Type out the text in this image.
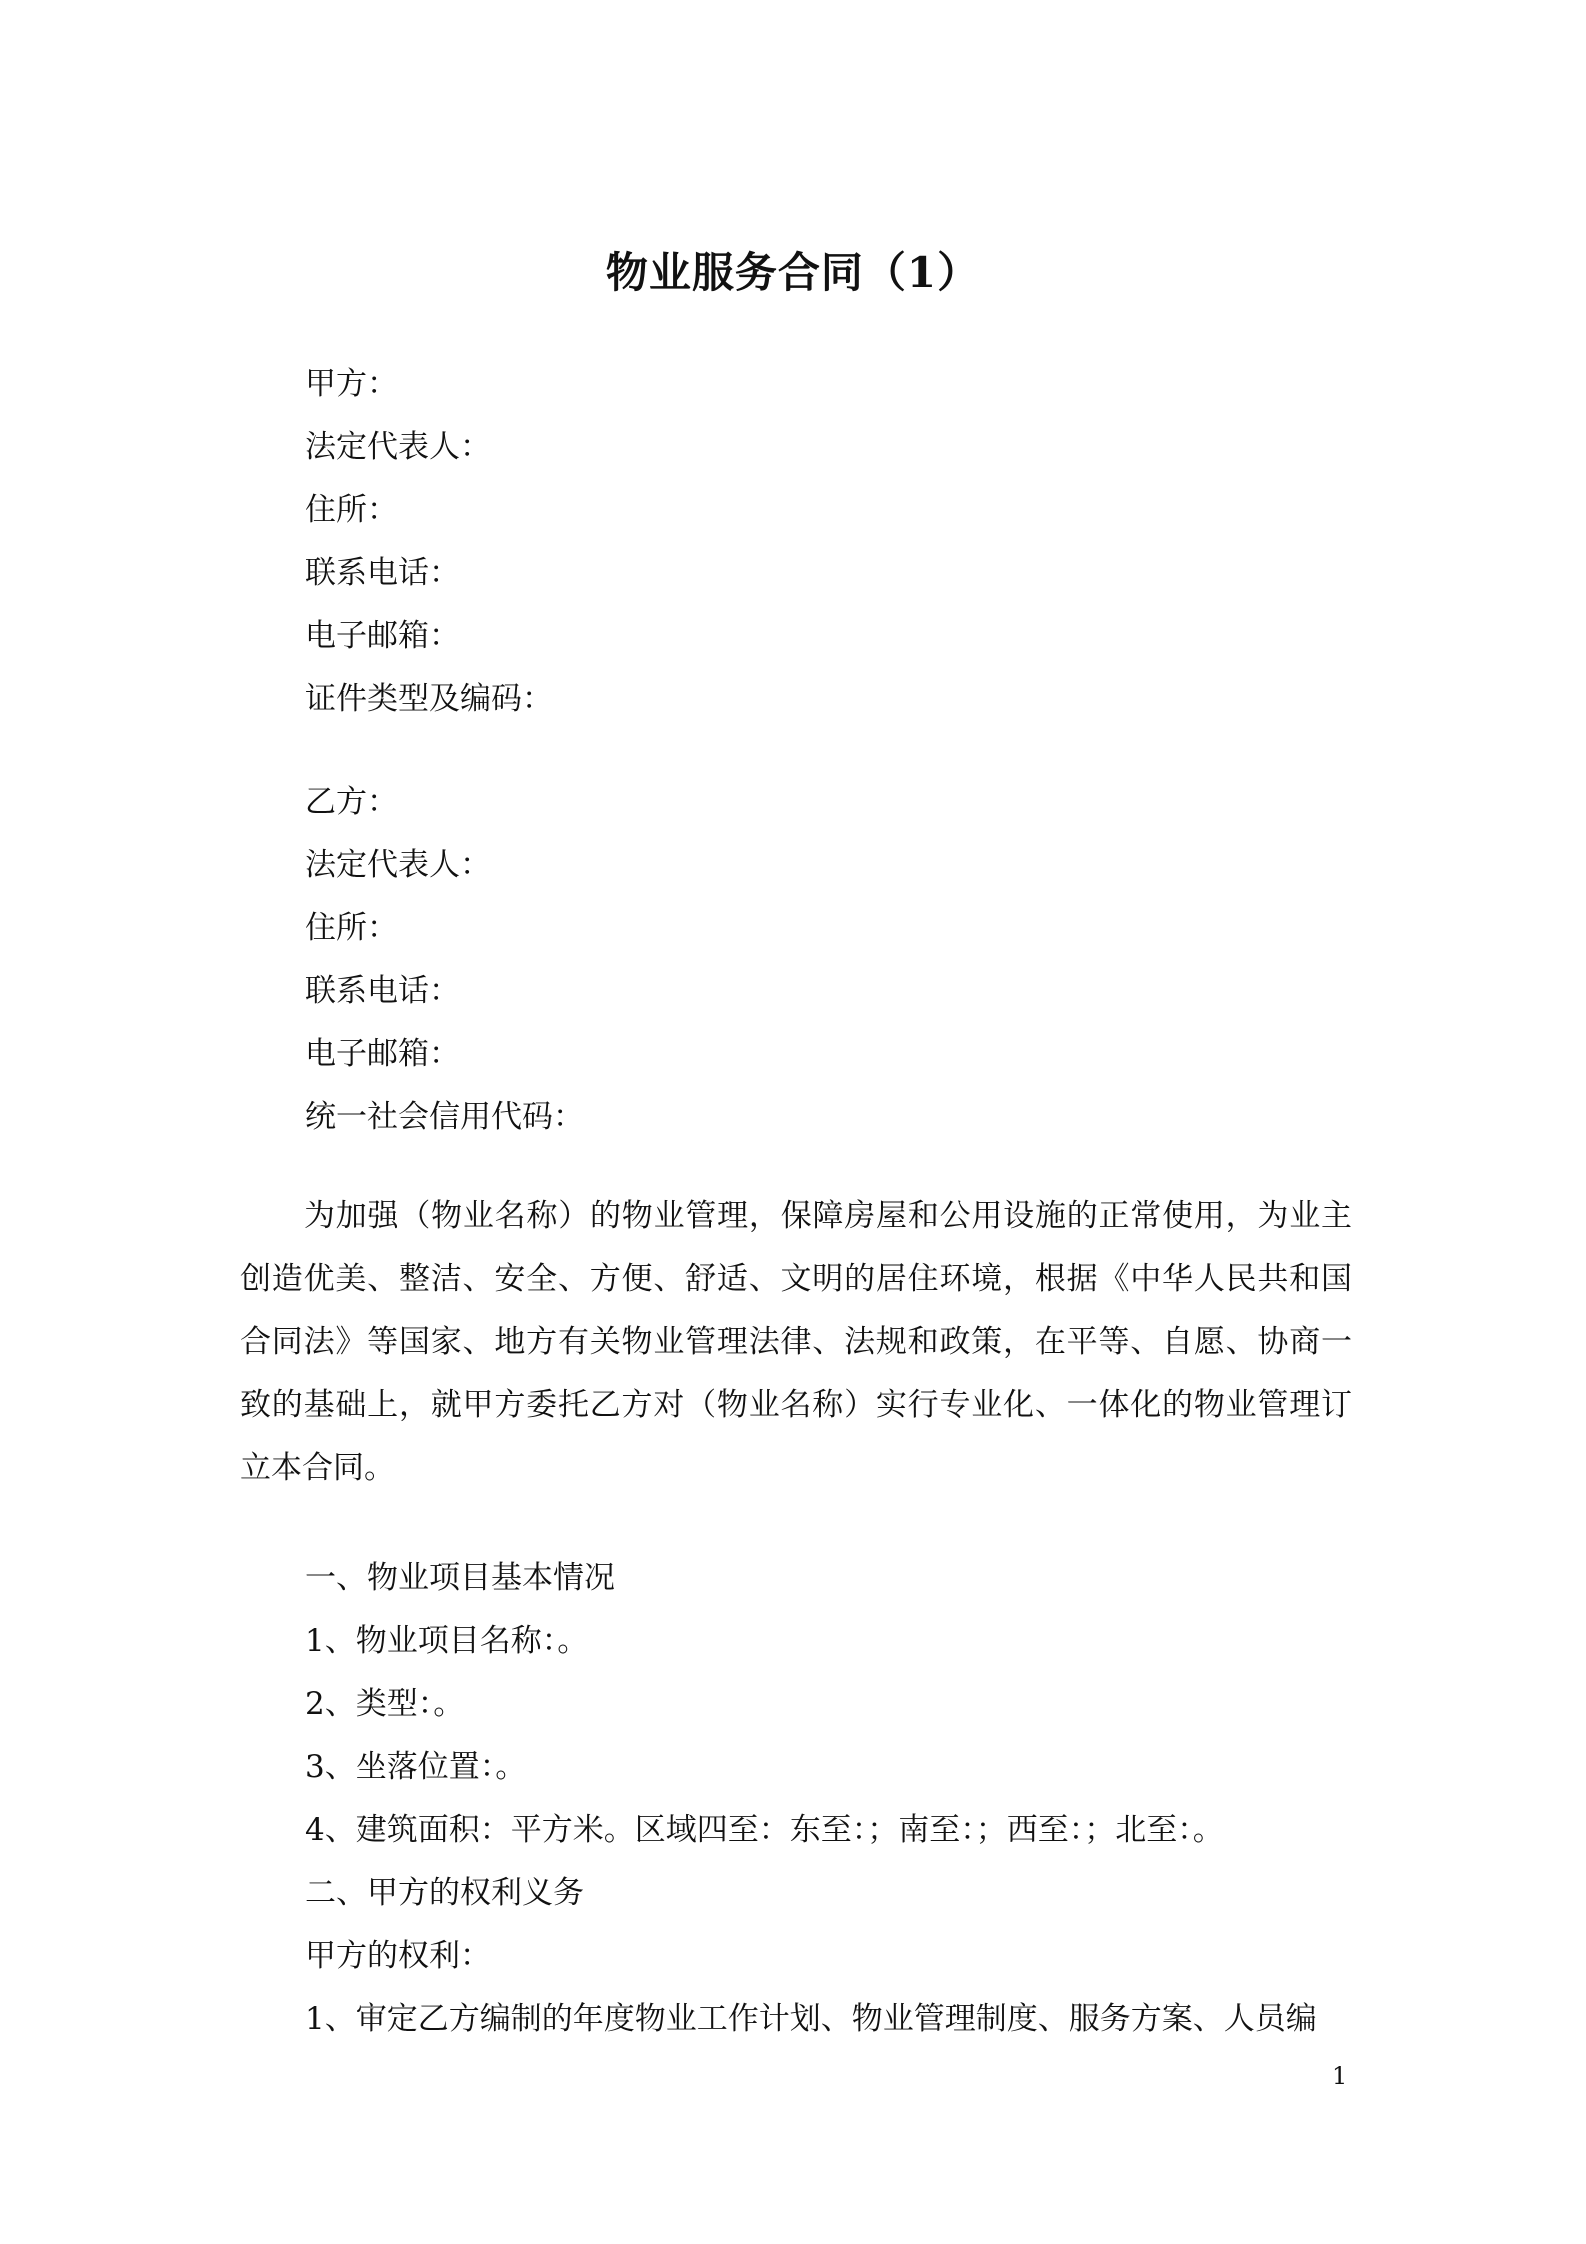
物业服务合同（1）
甲方：
法定代表人：
住所：
联系电话：
电子邮箱：
证件类型及编码：
乙方：
法定代表人：
住所：
联系电话：
电子邮箱：
统一社会信用代码：

为加强（物业名称）的物业管理，保障房屋和公用设施的正常使用，为业主创造优美、整洁、安全、方便、舒适、文明的居住环境，根据《中华人民共和国合同法》等国家、地方有关物业管理法律、法规和政策，在平等、自愿、协商一致的基础上，就甲方委托乙方对（物业名称）实行专业化、一体化的物业管理订立本合同。

一、物业项目基本情况
1、物业项目名称：。
2、类型：。
3、坐落位置：。
4、建筑面积：平方米。区域四至：东至：；南至：；西至：；北至：。
二、甲方的权利义务
甲方的权利：
1、审定乙方编制的年度物业工作计划、物业管理制度、服务方案、人员编
1
